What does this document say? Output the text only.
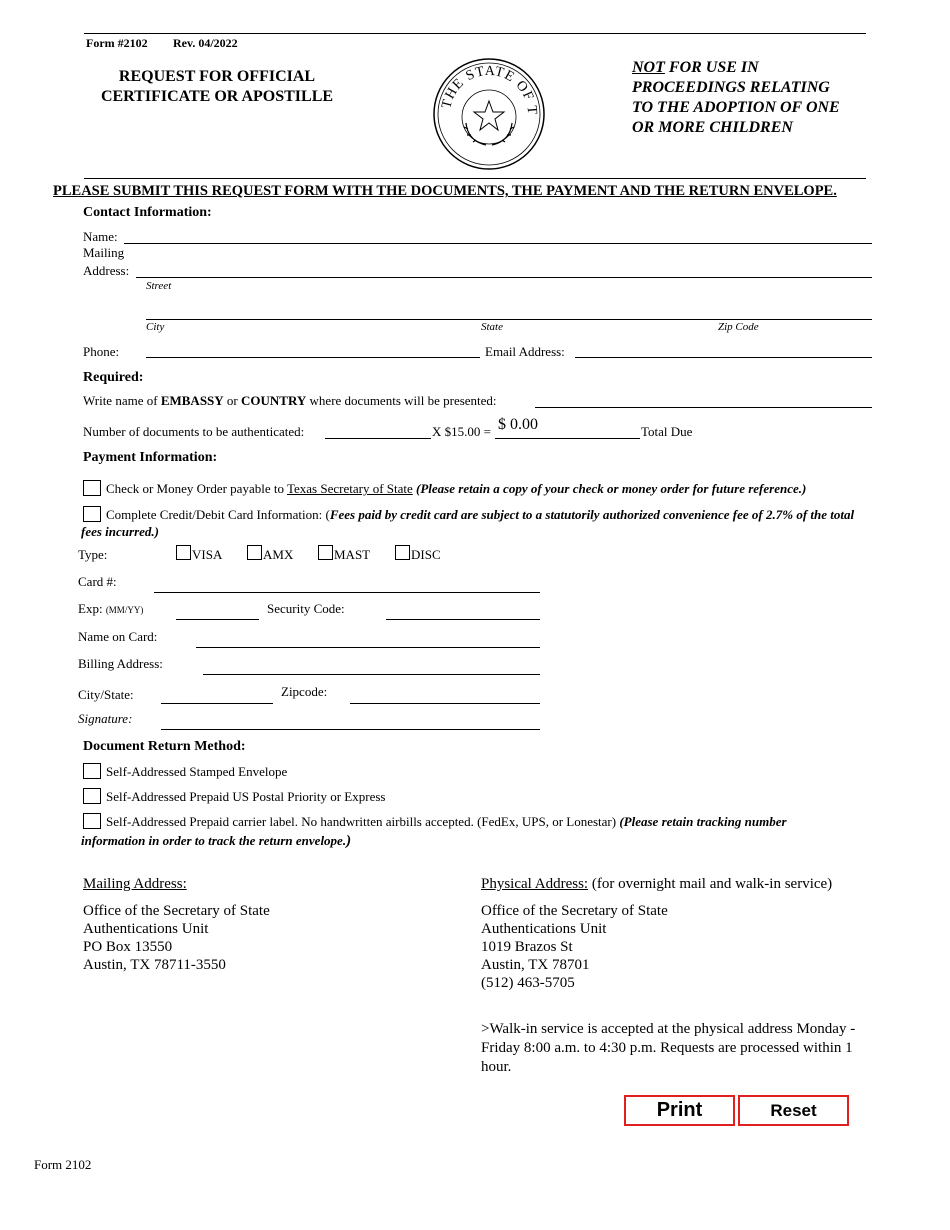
Form #2102 Rev. 04/2022
REQUEST FOR OFFICIAL
CERTIFICATE OR APOSTILLE	THE STATE OF T
NOT FOR USE IN
PROCEEDINGS RELATING
TO THE ADOPTION OF ONE
OR MORE CHILDREN
PLEASE SUBMIT THIS REQUEST FORM WITH THE DOCUMENTS, THE PAYMENT AND THE RETURN ENVELOPE.
Contact Information:
Name:
Mailing
Address:
Street
City	State	Zip Code
Phone:	Email Address:
Required:
Write name of EMBASSY or COUNTRY where documents will be presented:
Number of documents to be authenticated:	X $15.00 = $ 0.00	Total Due
Payment Information:
Check or Money Order payable to Texas Secretary of State (Please retain a copy of your check or money order for future reference.)
Complete Credit/Debit Card Information: (Fees paid by credit card are subject to a statutorily authorized convenience fee of 2.7% of the total
fees incurred.)
Type:	VISA	AMX	MAST	DISC
Card #:
Exp: (MM/YY)	Security Code:
Name on Card:
Billing Address:
City/State:	Zipcode:
Signature:
Document Return Method:
Self-Addressed Stamped Envelope
Self-Addressed Prepaid US Postal Priority or Express
Self-Addressed Prepaid carrier label. No handwritten airbills accepted. (FedEx, UPS, or Lonestar) (Please retain tracking number
information in order to track the return envelope.)
Mailing Address:
Office of the Secretary of State
Authentications Unit
PO Box 13550
Austin, TX 78711-3550
Physical Address: (for overnight mail and walk-in service)
Office of the Secretary of State
Authentications Unit
1019 Brazos St
Austin, TX 78701
(512) 463-5705
>Walk-in service is accepted at the physical address Monday -
Friday 8:00 a.m. to 4:30 p.m. Requests are processed within 1
hour.
Print	Reset
Form 2102
